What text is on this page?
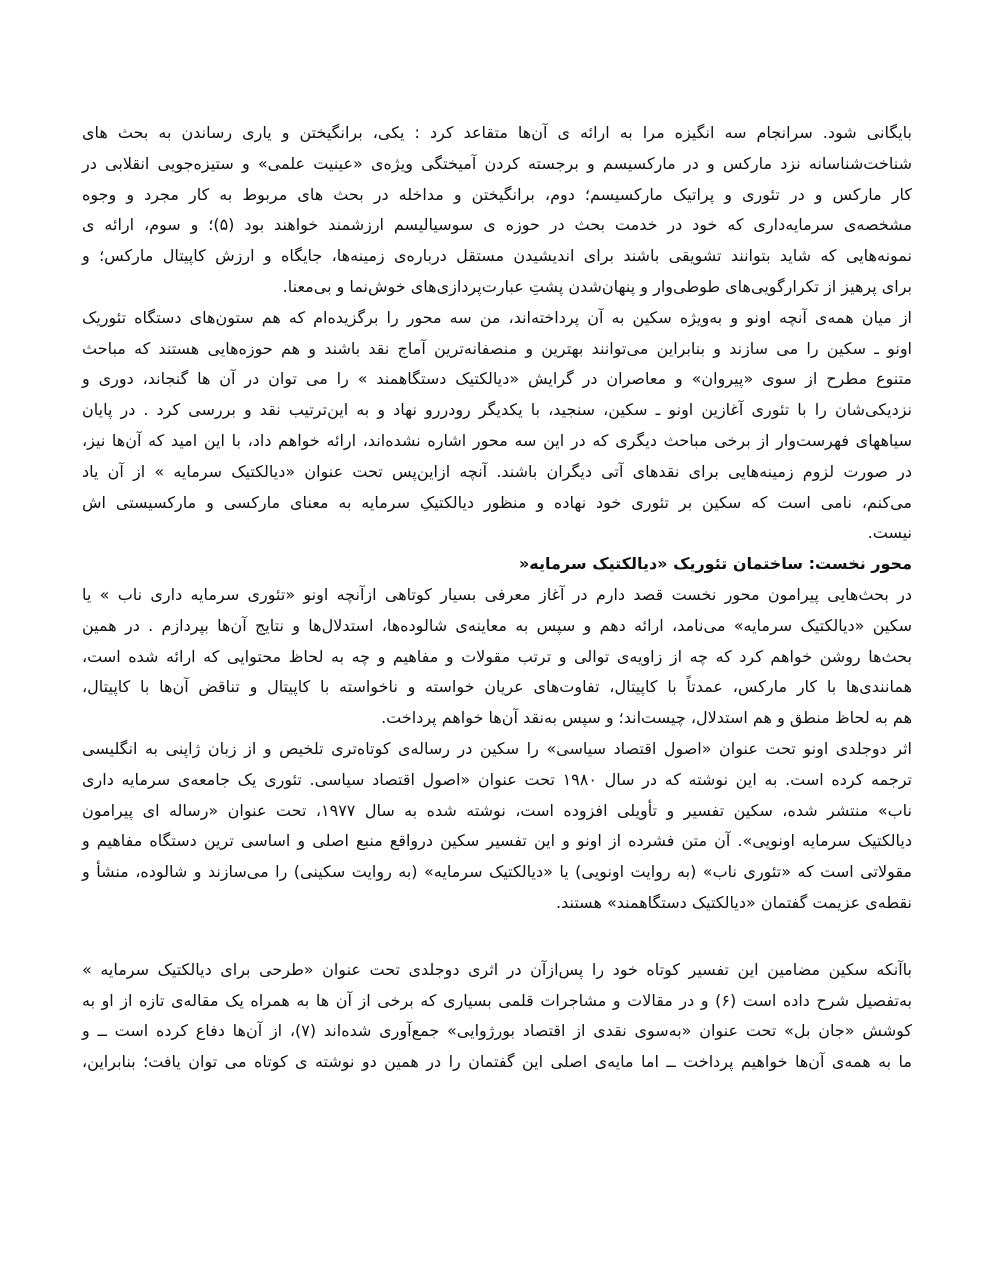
بایگانی شود. سرانجام سه انگیزه مرا به ارائه ی آن‌ها متقاعد کرد : یکی، برانگیختن و یاری رساندن به بحث های
شناخت‌شناسانه نزد مارکس و در مارکسیسم و برجسته کردن آمیختگی ویژه‌ی «عینیت علمی» و ستیزه‌جویی انقلابی در
کار مارکس و در تئوری و پراتیک مارکسیسم؛ دوم، برانگیختن و مداخله در بحث های مربوط به کار مجرد و وجوه
مشخصه‌ی سرمایه‌داری که خود در خدمت بحث در حوزه ی سوسیالیسم ارزشمند خواهند بود (۵)؛ و سوم، ارائه ی
نمونه‌هایی که شاید بتوانند تشویقی باشند برای اندیشیدن مستقل درباره‌ی زمینه‌ها، جایگاه و ارزش کاپیتال مارکس؛ و
برای پرهیز از تکرارگویی‌های طوطی‌وار و پنهان‌شدن پشتِ عبارت‌پردازی‌های خوش‌نما و بی‌معنا.
از میان همه‌ی آنچه اونو و به‌ویژه سکین به آن پرداخته‌اند، من سه محور را برگزیده‌ام که هم ستون‌های دستگاه تئوریک
اونو ـ سکین را می سازند و بنابراین می‌توانند بهترین و منصفانه‌ترین آماج نقد باشند و هم حوزه‌هایی هستند که مباحث
متنوع مطرح از سوی «پیروان» و معاصران در گرایش «دیالکتیک دستگاهمند » را می توان در آن ها گنجاند، دوری و
نزدیکی‌شان را با تئوری آغازین اونو ـ سکین، سنجید، با یکدیگر رودررو نهاد و به این‌ترتیب نقد و بررسی کرد . در پایان
سیاههای فهرست‌وار از برخی مباحث دیگری که در این سه محور اشاره نشده‌اند، ارائه خواهم داد، با این امید که آن‌ها نیز،
در صورت لزوم زمینه‌هایی برای نقدهای آتی دیگران باشند. آنچه ازاین‌پس تحت عنوان «دیالکتیک سرمایه » از آن یاد
می‌کنم، نامی است که سکین بر تئوری خود نهاده و منظور دیالکتیکِ سرمایه به معنای مارکسی و مارکسیستی اش
نیست.
محور نخست: ساختمان تئوریک «دیالکتیک سرمایه«
در بحث‌هایی پیرامون محور نخست قصد دارم در آغاز معرفی بسیار کوتاهی ازآنچه اونو «تئوری سرمایه داری ناب » یا
سکین «دیالکتیک سرمایه» می‌نامد، ارائه دهم و سپس به معاینه‌ی شالوده‌ها، استدلال‌ها و نتایج آن‌ها بپردازم . در همین
بحث‌ها روشن خواهم کرد که چه از زاویه‌ی توالی و ترتب مقولات و مفاهیم و چه به لحاظ محتوایی که ارائه شده است،
همانندی‌ها با کار مارکس، عمدتاً با کاپیتال، تفاوت‌های عریان خواسته و ناخواسته با کاپیتال و تناقض آن‌ها با کاپیتال،
هم به لحاظ منطق و هم استدلال، چیست‌اند؛ و سپس به‌نقد آن‌ها خواهم پرداخت.
اثر دوجلدی اونو تحت عنوان «اصول اقتصاد سیاسی» را سکین در رساله‌ی کوتاه‌تری تلخیص و از زبان ژاپنی به انگلیسی
ترجمه کرده است. به این نوشته که در سال ۱۹۸۰ تحت عنوان «اصول اقتصاد سیاسی. تئوری یک جامعه‌ی سرمایه داری
ناب» منتشر شده، سکین تفسیر و تأویلی افزوده است، نوشته شده به سال ۱۹۷۷، تحت عنوان «رساله ای پیرامون
دیالکتیک سرمایه اونویی». آن متن فشرده از اونو و این تفسیر سکین درواقع منبع اصلی و اساسی ترین دستگاه مفاهیم و
مقولاتی است که «تئوری ناب» (به روایت اونویی) یا «دیالکتیک سرمایه» (به روایت سکینی) را می‌سازند و شالوده، منشأ و
نقطه‌ی عزیمت گفتمان «دیالکتیک دستگاهمند» هستند.
باآنکه سکین مضامین این تفسیر کوتاه خود را پس‌ازآن در اثری دوجلدی تحت عنوان «طرحی برای دیالکتیک سرمایه »
به‌تفصیل شرح داده است (۶) و در مقالات و مشاجرات قلمی بسیاری که برخی از آن ها به همراه یک مقاله‌ی تازه از او به
کوشش «جان بل» تحت عنوان «به‌سوی نقدی از اقتصاد بورژوایی» جمع‌آوری شده‌اند (۷)، از آن‌ها دفاع کرده است ــ و
ما به همه‌ی آن‌ها خواهیم پرداخت ــ اما مایه‌ی اصلی این گفتمان را در همین دو نوشته ی کوتاه می توان یافت؛ بنابراین،
